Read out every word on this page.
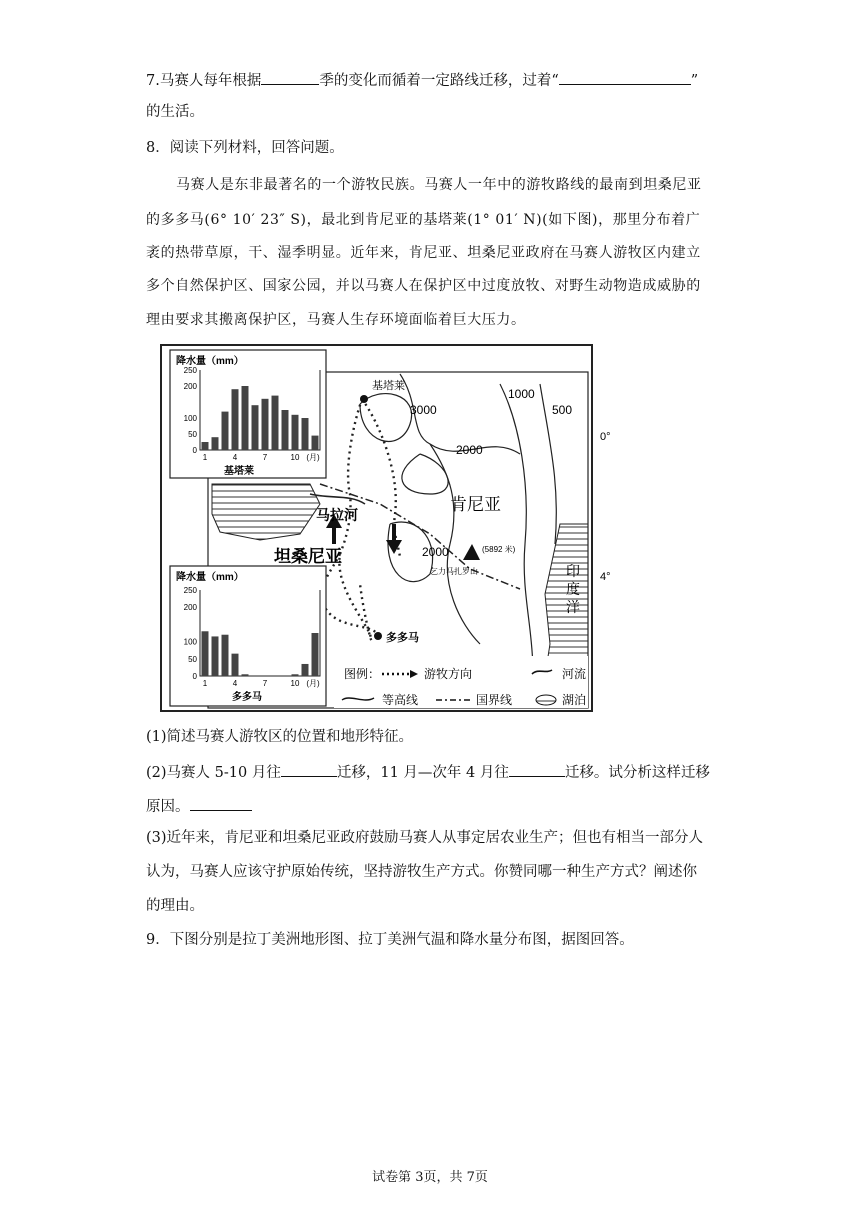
7.马赛人每年根据	季的变化而循着一定路线迁移，过着“	”
的生活。
8．阅读下列材料，回答问题。
马赛人是东非最著名的一个游牧民族。马赛人一年中的游牧路线的最南到坦桑尼亚
的多多马(6° 10′ 23″ S)，最北到肯尼亚的基塔莱(1° 01′ N)(如下图)，那里分布着广
袤的热带草原，干、湿季明显。近年来，肯尼亚、坦桑尼亚政府在马赛人游牧区内建立
多个自然保护区、国家公园，并以马赛人在保护区中过度放牧、对野生动物造成威胁的
理由要求其搬离保护区，马赛人生存环境面临着巨大压力。
基塔莱
多多马
(5892 米)
乞力马扎罗山
肯尼亚
坦桑尼亚
马拉河
印
度
洋
3000
1000
500
2000
2000
0°
4°
图例：	游牧方向	河流
等高线	国界线	湖泊
降水量（mm）
基塔莱
250
200
100
50
0
1	4	7	10 (月)
降水量（mm）
多多马
250
200
100
50
0
1	4	7	10 (月)
(1)简述马赛人游牧区的位置和地形特征。
(2)马赛人 5-10 月往	迁移，11 月—次年 4 月往	迁移。试分析这样迁移
原因。
(3)近年来，肯尼亚和坦桑尼亚政府鼓励马赛人从事定居农业生产；但也有相当一部分人
认为，马赛人应该守护原始传统，坚持游牧生产方式。你赞同哪一种生产方式？阐述你
的理由。
9．下图分别是拉丁美洲地形图、拉丁美洲气温和降水量分布图，据图回答。
试卷第 3页，共 7页
